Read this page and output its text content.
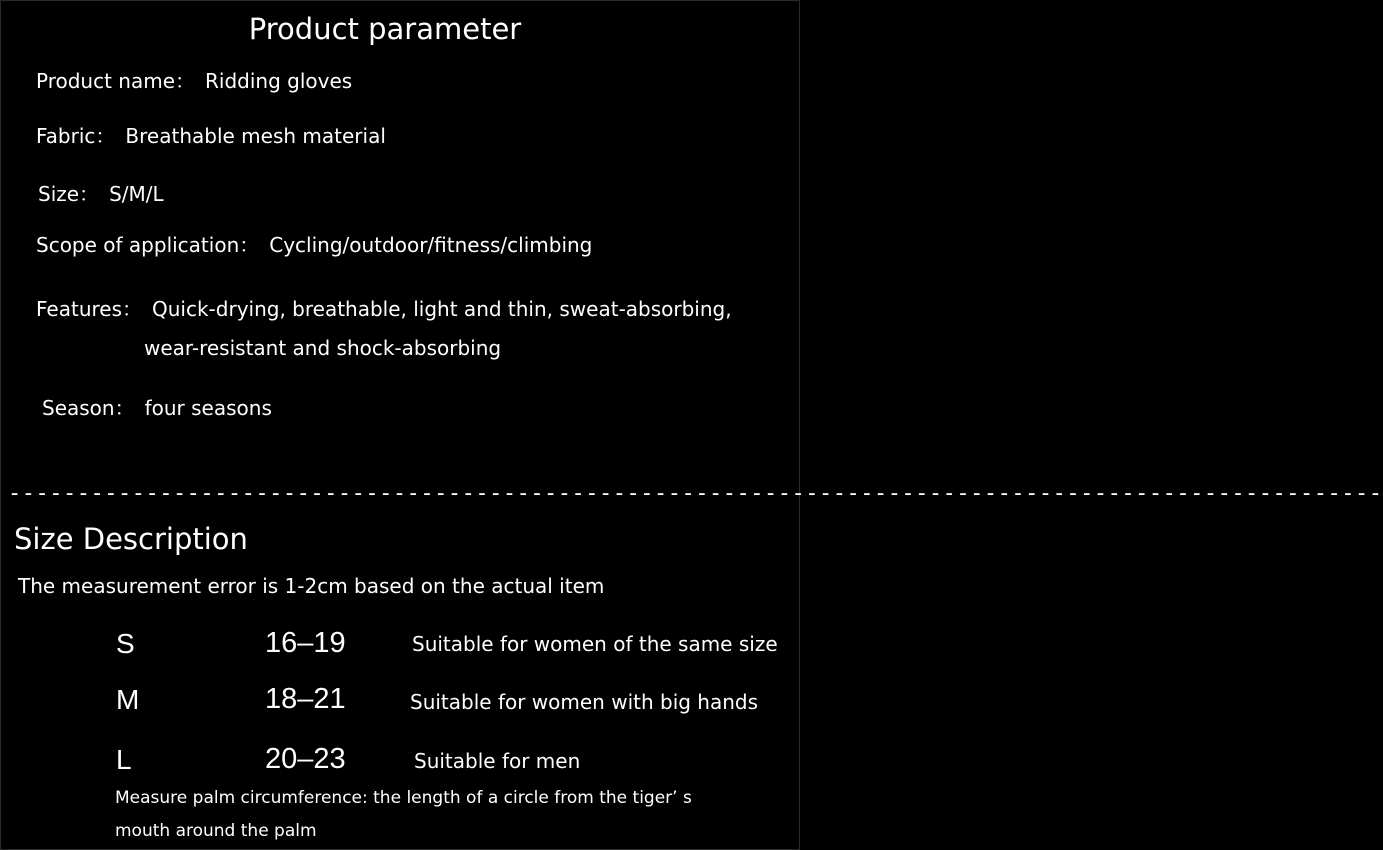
Product parameter
Product name： Ridding gloves
Fabric： Breathable mesh material
Size： S/M/L
Scope of application： Cycling/outdoor/fitness/climbing
Features： Quick-drying, breathable, light and thin, sweat-absorbing,
wear-resistant and shock-absorbing
Season： four seasons
----------------------------------------------------------------------------------------------------
Size Description
The measurement error is 1-2cm based on the actual item
S	16–19	Suitable for women of the same size
M	18–21	Suitable for women with big hands
L	20–23	Suitable for men
Measure palm circumference: the length of a circle from the tiger’ s mouth around the palm
